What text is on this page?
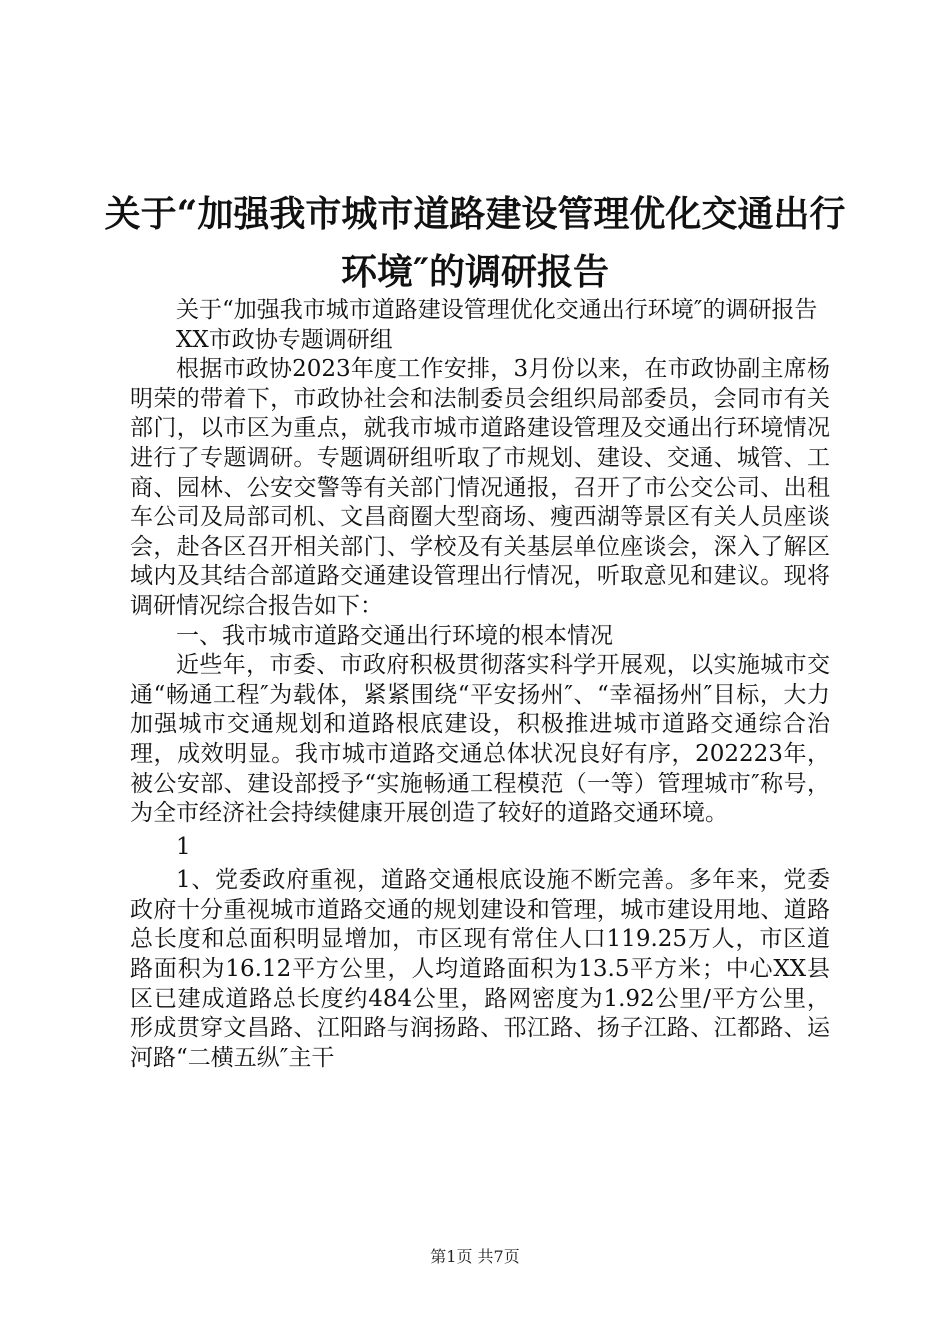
关于“加强我市城市道路建设管理优化交通出行环境″的调研报告

关于“加强我市城市道路建设管理优化交通出行环境″的调研报告

XX市政协专题调研组

根据市政协2023年度工作安排，3月份以来，在市政协副主席杨明荣的带着下，市政协社会和法制委员会组织局部委员，会同市有关部门，以市区为重点，就我市城市道路建设管理及交通出行环境情况进行了专题调研。专题调研组听取了市规划、建设、交通、城管、工商、园林、公安交警等有关部门情况通报，召开了市公交公司、出租车公司及局部司机、文昌商圈大型商场、瘦西湖等景区有关人员座谈会，赴各区召开相关部门、学校及有关基层单位座谈会，深入了解区域内及其结合部道路交通建设管理出行情况，听取意见和建议。现将调研情况综合报告如下：

一、我市城市道路交通出行环境的根本情况

近些年，市委、市政府积极贯彻落实科学开展观，以实施城市交通“畅通工程″为载体，紧紧围绕“平安扬州″、“幸福扬州″目标，大力加强城市交通规划和道路根底建设，积极推进城市道路交通综合治理，成效明显。我市城市道路交通总体状况良好有序，202223年，被公安部、建设部授予“实施畅通工程模范（一等）管理城市″称号，为全市经济社会持续健康开展创造了较好的道路交通环境。

1

1、党委政府重视，道路交通根底设施不断完善。多年来，党委政府十分重视城市道路交通的规划建设和管理，城市建设用地、道路总长度和总面积明显增加，市区现有常住人口119.25万人，市区道路面积为16.12平方公里，人均道路面积为13.5平方米；中心XX县区已建成道路总长度约484公里，路网密度为1.92公里/平方公里，形成贯穿文昌路、江阳路与润扬路、邗江路、扬子江路、江都路、运河路“二横五纵″主干

第1页 共7页
